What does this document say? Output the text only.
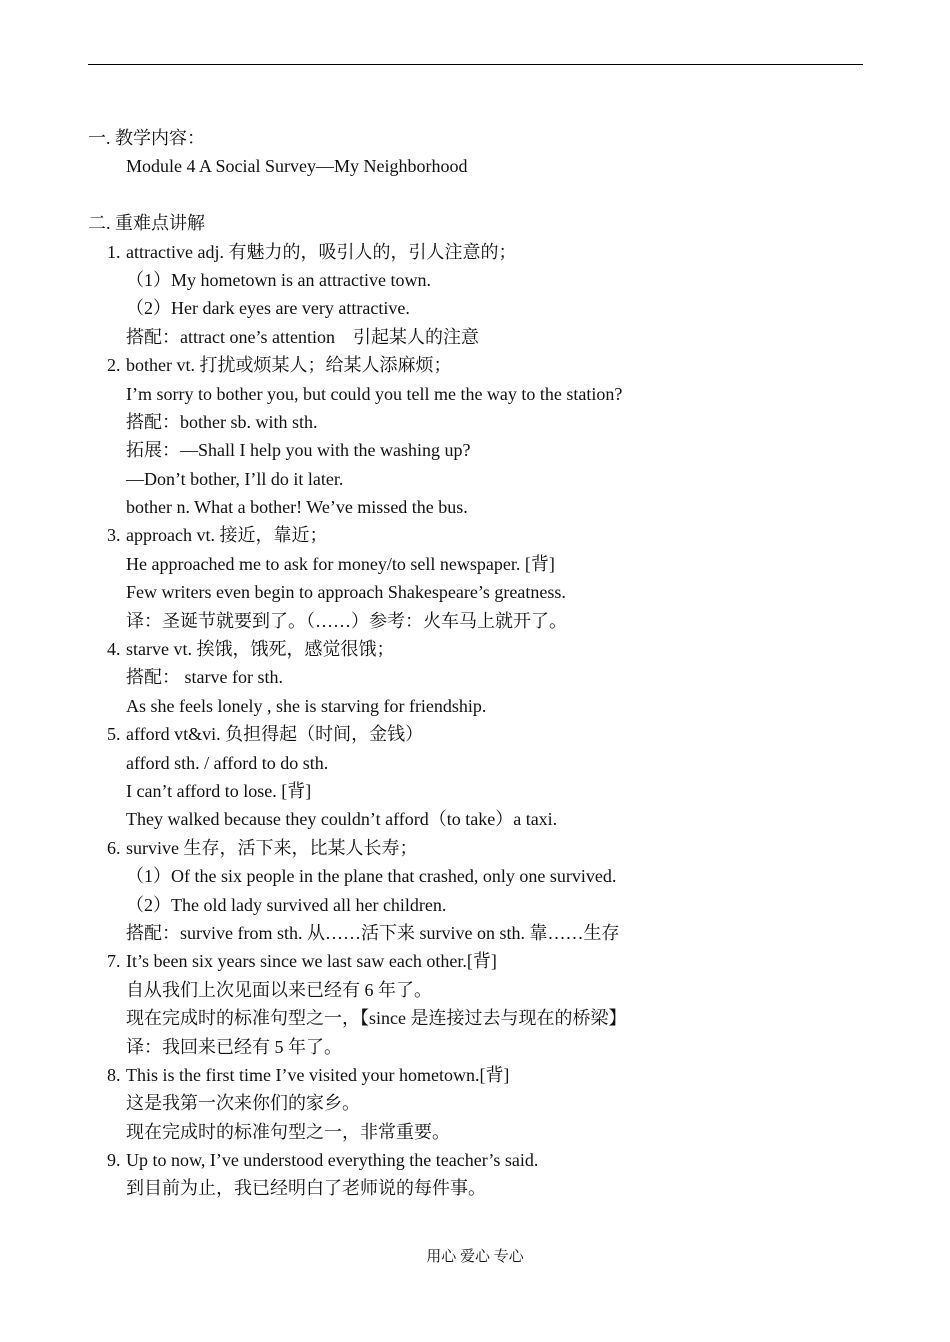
一. 教学内容：
Module 4 A Social Survey—My Neighborhood
二. 重难点讲解
1. attractive adj. 有魅力的，吸引人的，引人注意的；
（1）My hometown is an attractive town.
（2）Her dark eyes are very attractive.
搭配：attract one’s attention　引起某人的注意
2. bother vt. 打扰或烦某人；给某人添麻烦；
I’m sorry to bother you, but could you tell me the way to the station?
搭配：bother sb. with sth.
拓展：—Shall I help you with the washing up?
—Don’t bother, I’ll do it later.
bother n. What a bother! We’ve missed the bus.
3. approach vt. 接近，靠近；
He approached me to ask for money/to sell newspaper. [背]
Few writers even begin to approach Shakespeare’s greatness.
译：圣诞节就要到了。（……）参考：火车马上就开了。
4. starve vt. 挨饿，饿死，感觉很饿；
搭配： starve for sth.
As she feels lonely , she is starving for friendship.
5. afford vt&vi. 负担得起（时间，金钱）
afford sth. / afford to do sth.
I can’t afford to lose. [背]
They walked because they couldn’t afford（to take）a taxi.
6. survive 生存，活下来，比某人长寿；
（1）Of the six people in the plane that crashed, only one survived.
（2）The old lady survived all her children.
搭配：survive from sth. 从……活下来 survive on sth. 靠……生存
7. It’s been six years since we last saw each other.[背]
自从我们上次见面以来已经有 6 年了。
现在完成时的标准句型之一，【since 是连接过去与现在的桥梁】
译：我回来已经有 5 年了。
8. This is the first time I’ve visited your hometown.[背]
这是我第一次来你们的家乡。
现在完成时的标准句型之一，非常重要。
9. Up to now, I’ve understood everything the teacher’s said.
到目前为止，我已经明白了老师说的每件事。
用心 爱心 专心
